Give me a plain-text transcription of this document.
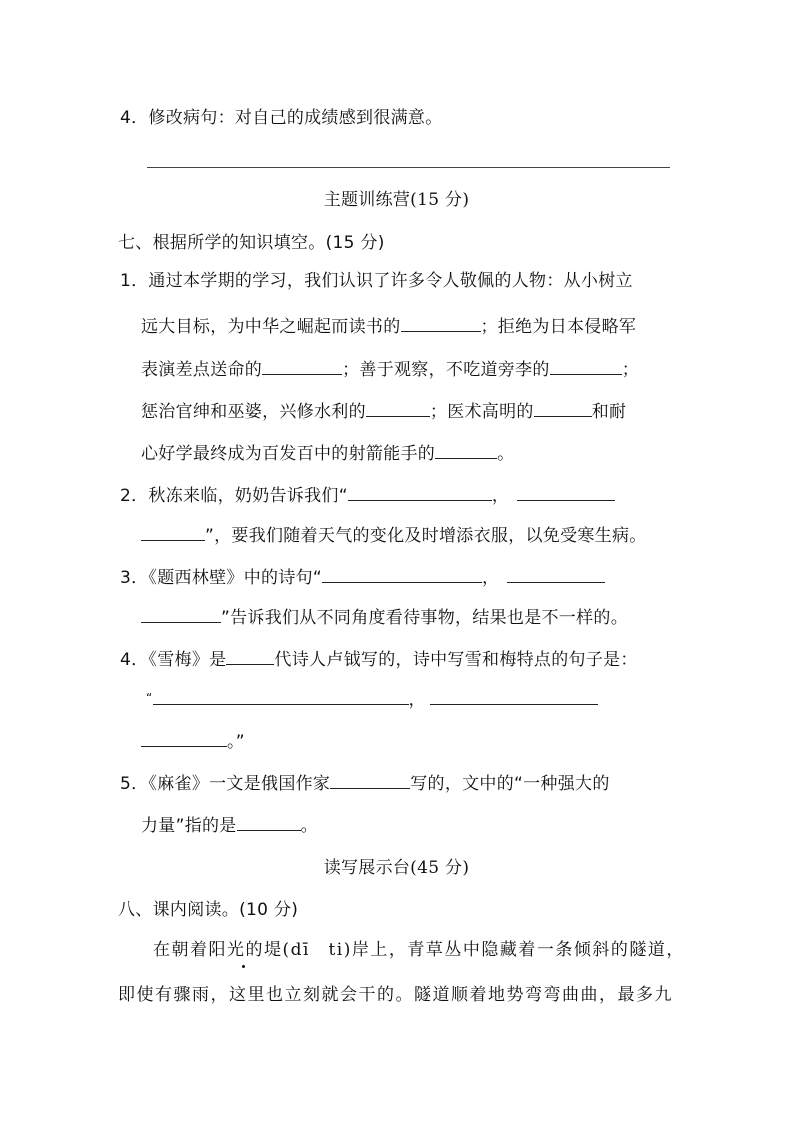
4．修改病句：对自己的成绩感到很满意。
主题训练营(15 分)
七、根据所学的知识填空。(15 分)
1．通过本学期的学习，我们认识了许多令人敬佩的人物：从小树立
远大目标，为中华之崛起而读书的	；拒绝为日本侵略军
表演差点送命的	；善于观察，不吃道旁李的	；
惩治官绅和巫婆，兴修水利的	；医术高明的	和耐
心好学最终成为百发百中的射箭能手的	。
2．秋冻来临，奶奶告诉我们“	，
”，要我们随着天气的变化及时增添衣服，以免受寒生病。
3．《题西林壁》中的诗句“	，
”告诉我们从不同角度看待事物，结果也是不一样的。
4．《雪梅》是	代诗人卢钺写的，诗中写雪和梅特点的句子是：
“	，
。”
5．《麻雀》一文是俄国作家	写的，文中的“一种强大的
力量”指的是	。
读写展示台(45 分)
八、课内阅读。(10 分)
在朝着阳光的堤(dī　ti)岸上，青草丛中隐藏着一条倾斜的隧道，
即使有骤雨，这里也立刻就会干的。隧道顺着地势弯弯曲曲，最多九
